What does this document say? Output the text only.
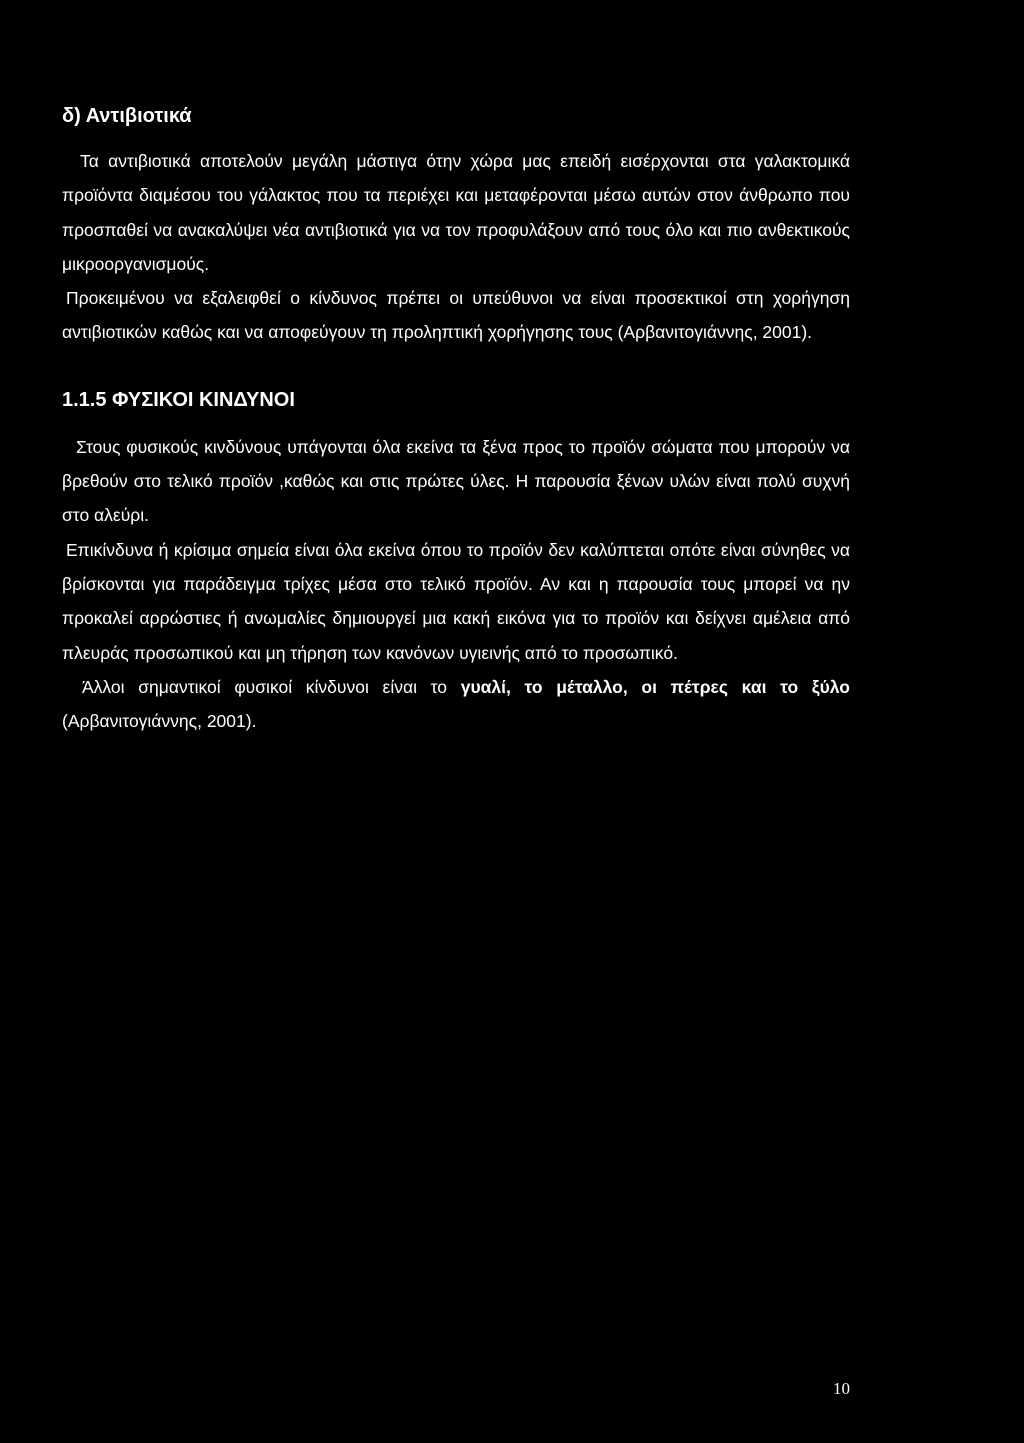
δ) Αντιβιοτικά

Τα αντιβιοτικά αποτελούν μεγάλη μάστιγα ότην χώρα μας επειδή εισέρχονται στα γαλακτομικά προϊόντα διαμέσου του γάλακτος που τα περιέχει και μεταφέρονται μέσω αυτών στον άνθρωπο που προσπαθεί να ανακαλύψει νέα αντιβιοτικά για να τον προφυλάξουν από τους όλο και πιο ανθεκτικούς μικροοργανισμούς.

Προκειμένου να εξαλειφθεί ο κίνδυνος πρέπει οι υπεύθυνοι να είναι προσεκτικοί στη χορήγηση αντιβιοτικών καθώς και να αποφεύγουν τη προληπτική χορήγησης τους (Αρβανιτογιάννης, 2001).

1.1.5 ΦΥΣΙΚΟΙ ΚΙΝΔΥΝΟΙ

Στους φυσικούς κινδύνους υπάγονται όλα εκείνα τα ξένα προς το προϊόν σώματα που μπορούν να βρεθούν στο τελικό προϊόν ,καθώς και στις πρώτες ύλες. Η παρουσία ξένων υλών είναι πολύ συχνή στο αλεύρι.

Επικίνδυνα ή κρίσιμα σημεία είναι όλα εκείνα όπου το προϊόν δεν καλύπτεται οπότε είναι σύνηθες να βρίσκονται για παράδειγμα τρίχες μέσα στο τελικό προϊόν. Αν και η παρουσία τους μπορεί να ην προκαλεί αρρώστιες ή ανωμαλίες δημιουργεί μια κακή εικόνα για το προϊόν και δείχνει αμέλεια από πλευράς προσωπικού και μη τήρηση των κανόνων υγιεινής από το προσωπικό.

Άλλοι σημαντικοί φυσικοί κίνδυνοι είναι το γυαλί, το μέταλλο, οι πέτρες και το ξύλο (Αρβανιτογιάννης, 2001).

10
